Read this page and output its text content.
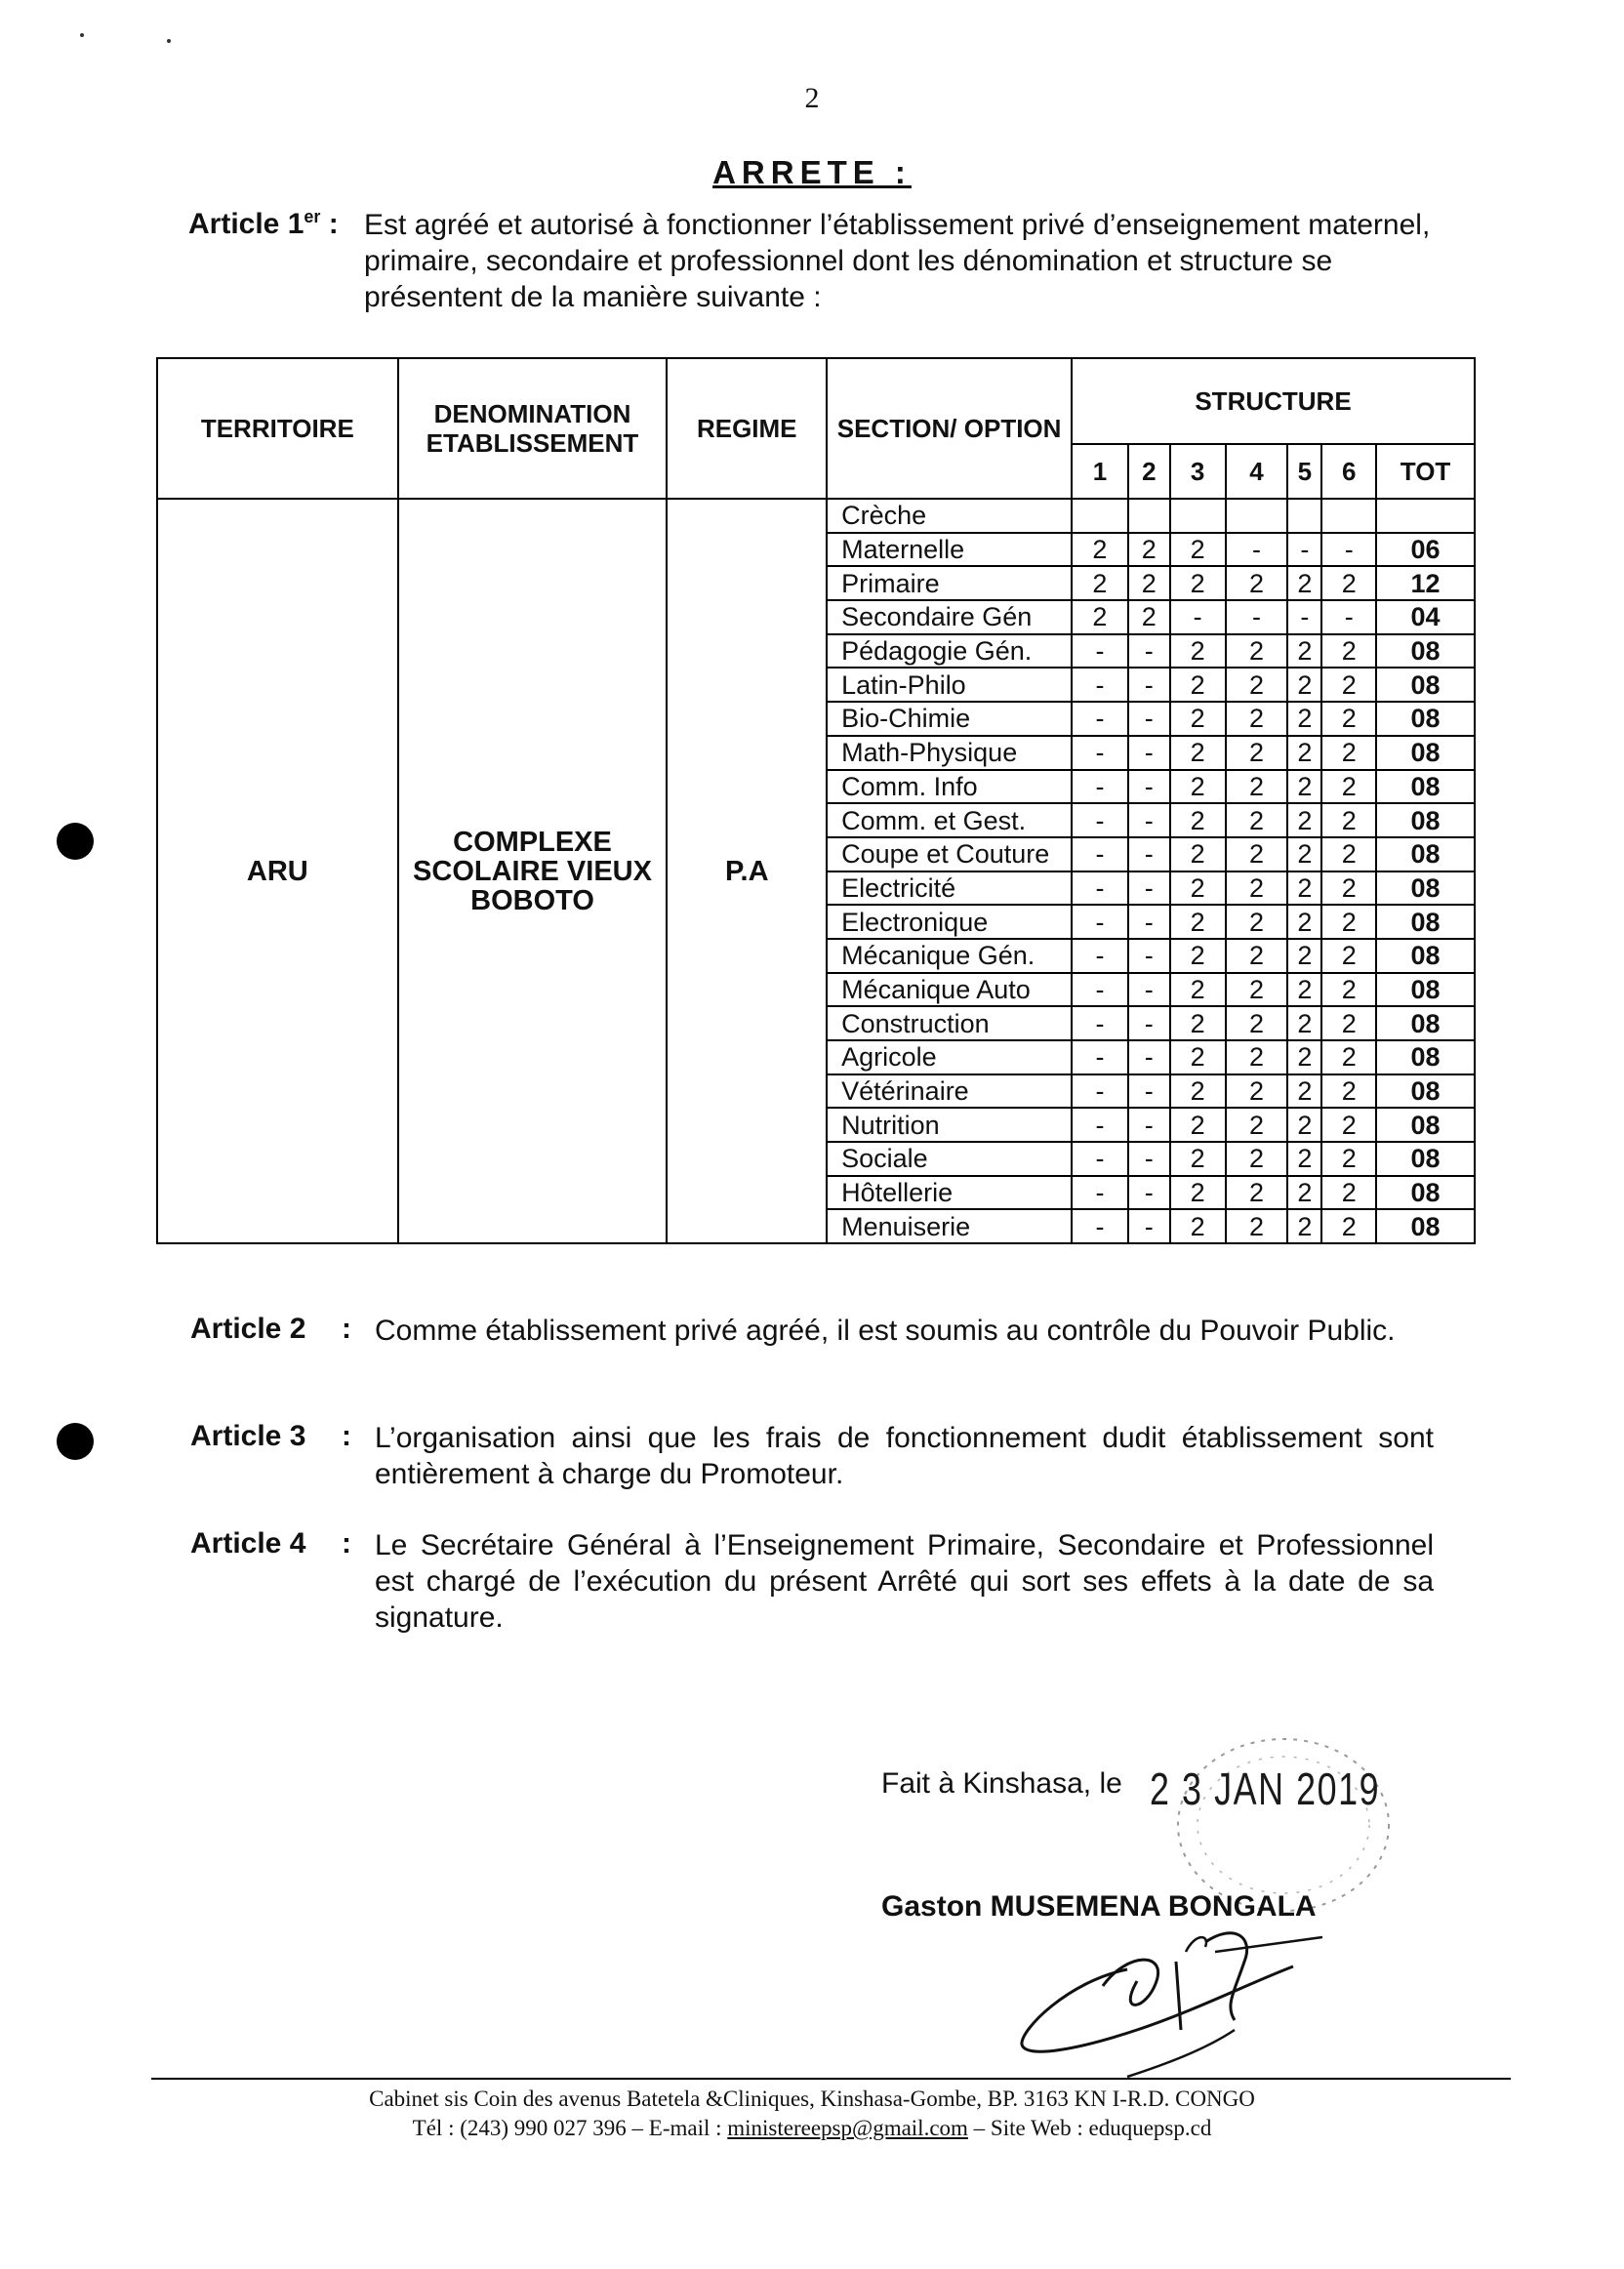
2
ARRETE :
Article 1er : Est agréé et autorisé à fonctionner l’établissement privé d’enseignement maternel, primaire, secondaire et professionnel dont les dénomination et structure se présentent de la manière suivante :
TERRITOIRE	DENOMINATION ETABLISSEMENT	REGIME	SECTION/ OPTION	STRUCTURE						
				1	2	3	4	5	6	TOT
ARU	COMPLEXE SCOLAIRE VIEUX BOBOTO	P.A	Crèche							
			Maternelle	2	2	2	-	-	-	06
			Primaire	2	2	2	2	2	2	12
			Secondaire Gén	2	2	-	-	-	-	04
			Pédagogie Gén.	-	-	2	2	2	2	08
			Latin-Philo	-	-	2	2	2	2	08
			Bio-Chimie	-	-	2	2	2	2	08
			Math-Physique	-	-	2	2	2	2	08
			Comm. Info	-	-	2	2	2	2	08
			Comm. et Gest.	-	-	2	2	2	2	08
			Coupe et Couture	-	-	2	2	2	2	08
			Electricité	-	-	2	2	2	2	08
			Electronique	-	-	2	2	2	2	08
			Mécanique Gén.	-	-	2	2	2	2	08
			Mécanique Auto	-	-	2	2	2	2	08
			Construction	-	-	2	2	2	2	08
			Agricole	-	-	2	2	2	2	08
			Vétérinaire	-	-	2	2	2	2	08
			Nutrition	-	-	2	2	2	2	08
			Sociale	-	-	2	2	2	2	08
			Hôtellerie	-	-	2	2	2	2	08
			Menuiserie	-	-	2	2	2	2	08
Article 2 : Comme établissement privé agréé, il est soumis au contrôle du Pouvoir Public.
Article 3 : L’organisation ainsi que les frais de fonctionnement dudit établissement sont entièrement à charge du Promoteur.
Article 4 : Le Secrétaire Général à l’Enseignement Primaire, Secondaire et Professionnel est chargé de l’exécution du présent Arrêté qui sort ses effets à la date de sa signature.
Fait à Kinshasa, le 2 3 JAN 2019
Gaston MUSEMENA BONGALA
Cabinet sis Coin des avenus Batetela &Cliniques, Kinshasa-Gombe, BP. 3163 KN I-R.D. CONGO
Tél : (243) 990 027 396 – E-mail : ministereepsp@gmail.com – Site Web : eduquepsp.cd
